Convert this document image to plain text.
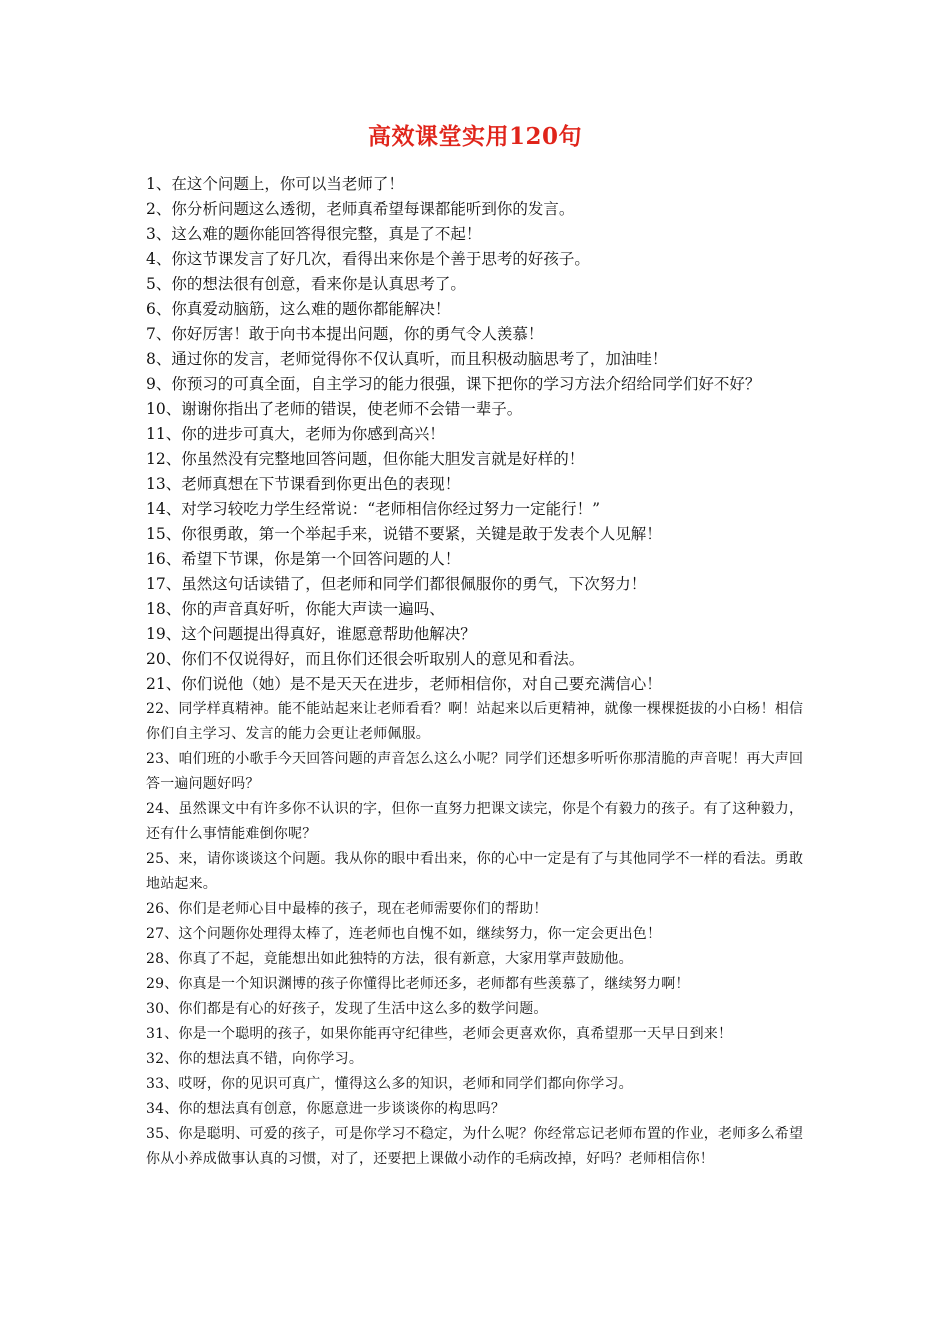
高效课堂实用120句

1、在这个问题上，你可以当老师了！

2、你分析问题这么透彻，老师真希望每课都能听到你的发言。

3、这么难的题你能回答得很完整，真是了不起！

4、你这节课发言了好几次，看得出来你是个善于思考的好孩子。

5、你的想法很有创意，看来你是认真思考了。

6、你真爱动脑筋，这么难的题你都能解决！

7、你好厉害！敢于向书本提出问题，你的勇气令人羡慕！

8、通过你的发言，老师觉得你不仅认真听，而且积极动脑思考了，加油哇！

9、你预习的可真全面，自主学习的能力很强，课下把你的学习方法介绍给同学们好不好？

10、谢谢你指出了老师的错误，使老师不会错一辈子。

11、你的进步可真大，老师为你感到高兴！

12、你虽然没有完整地回答问题，但你能大胆发言就是好样的！

13、老师真想在下节课看到你更出色的表现！

14、对学习较吃力学生经常说：“老师相信你经过努力一定能行！”

15、你很勇敢，第一个举起手来，说错不要紧，关键是敢于发表个人见解！

16、希望下节课，你是第一个回答问题的人！

17、虽然这句话读错了，但老师和同学们都很佩服你的勇气，下次努力！

18、你的声音真好听，你能大声读一遍吗、

19、这个问题提出得真好，谁愿意帮助他解决？

20、你们不仅说得好，而且你们还很会听取别人的意见和看法。

21、你们说他（她）是不是天天在进步，老师相信你，对自己要充满信心！

22、同学样真精神。能不能站起来让老师看看？啊！站起来以后更精神，就像一棵棵挺拔的小白杨！相信你们自主学习、发言的能力会更让老师佩服。

23、咱们班的小歌手今天回答问题的声音怎么这么小呢？同学们还想多听听你那清脆的声音呢！再大声回答一遍问题好吗？

24、虽然课文中有许多你不认识的字，但你一直努力把课文读完，你是个有毅力的孩子。有了这种毅力，还有什么事情能难倒你呢？

25、来，请你谈谈这个问题。我从你的眼中看出来，你的心中一定是有了与其他同学不一样的看法。勇敢地站起来。

26、你们是老师心目中最棒的孩子，现在老师需要你们的帮助！

27、这个问题你处理得太棒了，连老师也自愧不如，继续努力，你一定会更出色！

28、你真了不起，竟能想出如此独特的方法，很有新意，大家用掌声鼓励他。

29、你真是一个知识渊博的孩子你懂得比老师还多，老师都有些羡慕了，继续努力啊！

30、你们都是有心的好孩子，发现了生活中这么多的数学问题。

31、你是一个聪明的孩子，如果你能再守纪律些，老师会更喜欢你，真希望那一天早日到来！

32、你的想法真不错，向你学习。

33、哎呀，你的见识可真广，懂得这么多的知识，老师和同学们都向你学习。

34、你的想法真有创意，你愿意进一步谈谈你的构思吗？

35、你是聪明、可爱的孩子，可是你学习不稳定，为什么呢？你经常忘记老师布置的作业，老师多么希望你从小养成做事认真的习惯，对了，还要把上课做小动作的毛病改掉，好吗？老师相信你！
